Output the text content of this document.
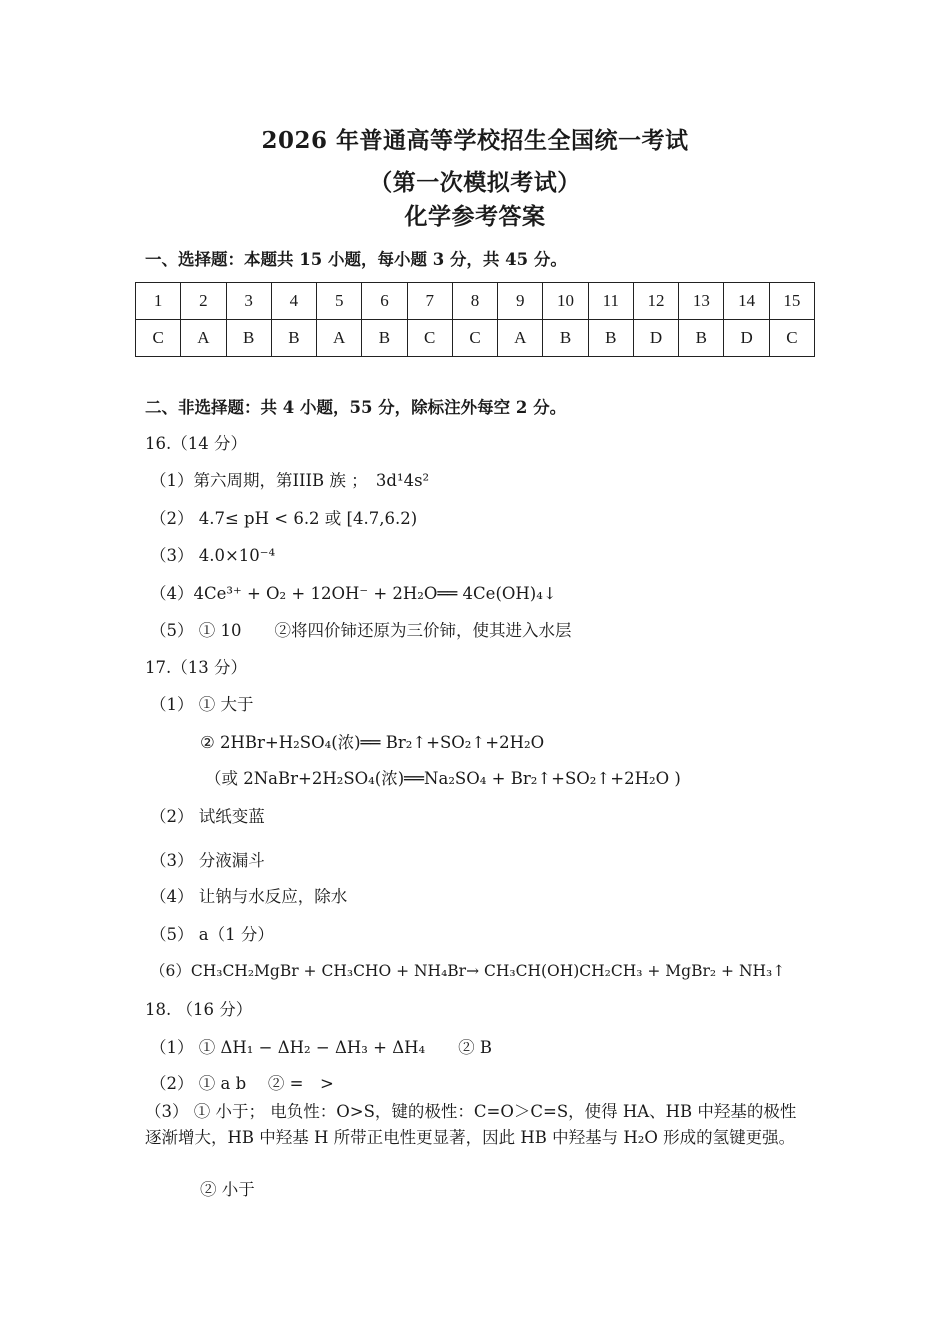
2026 年普通高等学校招生全国统一考试
（第一次模拟考试）
化学参考答案
一、选择题：本题共 15 小题，每小题 3 分，共 45 分。
1	2	3	4	5	6	7	8	9	10	11	12	13	14	15
C	A	B	B	A	B	C	C	A	B	B	D	B	D	C
二、非选择题：共 4 小题，55 分，除标注外每空 2 分。
16.（14 分）
（1）第六周期，第IIIB 族 ；　3d¹4s²
（2） 4.7≤ pH < 6.2 或 [4.7,6.2)
（3） 4.0×10⁻⁴
（4）4Ce³⁺ + O₂ + 12OH⁻ + 2H₂O══ 4Ce(OH)₄↓
（5） ① 10　　②将四价铈还原为三价铈，使其进入水层
17.（13 分）
（1） ① 大于
② 2HBr+H₂SO₄(浓)══ Br₂↑+SO₂↑+2H₂O
（或 2NaBr+2H₂SO₄(浓)══Na₂SO₄ + Br₂↑+SO₂↑+2H₂O )
（2） 试纸变蓝
（3） 分液漏斗
（4） 让钠与水反应，除水
（5） a（1 分）
（6）CH₃CH₂MgBr + CH₃CHO + NH₄Br→ CH₃CH(OH)CH₂CH₃ + MgBr₂ + NH₃↑
18. （16 分）
（1） ① ΔH₁ − ΔH₂ − ΔH₃ + ΔH₄　　② B
（2） ① a b　 ② =　>
（3） ① 小于； 电负性：O>S，键的极性：C=O＞C=S，使得 HA、HB 中羟基的极性逐渐增大，HB 中羟基 H 所带正电性更显著，因此 HB 中羟基与 H₂O 形成的氢键更强。
② 小于
